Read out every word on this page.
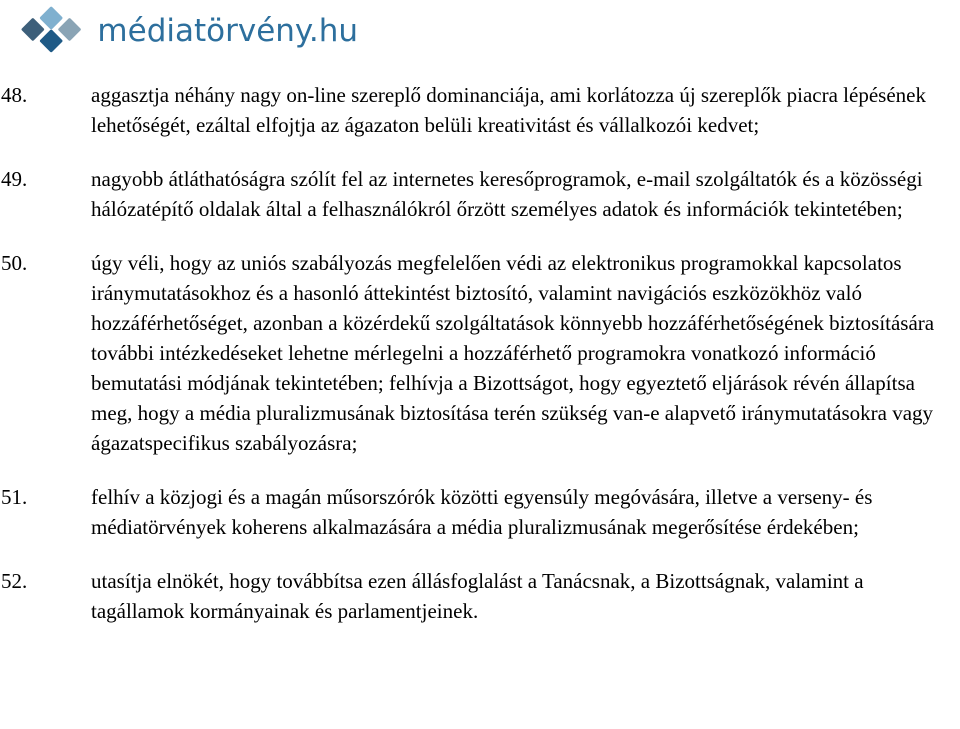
médiatörvény.hu
48.	aggasztja néhány nagy on-line szereplő dominanciája, ami korlátozza új szereplők piacra lépésének lehetőségét, ezáltal elfojtja az ágazaton belüli kreativitást és vállalkozói kedvet;
49.	nagyobb átláthatóságra szólít fel az internetes keresőprogramok, e-mail szolgáltatók és a közösségi hálózatépítő oldalak által a felhasználókról őrzött személyes adatok és információk tekintetében;
50.	úgy véli, hogy az uniós szabályozás megfelelően védi az elektronikus programokkal kapcsolatos iránymutatásokhoz és a hasonló áttekintést biztosító, valamint navigációs eszközökhöz való hozzáférhetőséget, azonban a közérdekű szolgáltatások könnyebb hozzáférhetőségének biztosítására további intézkedéseket lehetne mérlegelni a hozzáférhető programokra vonatkozó információ bemutatási módjának tekintetében; felhívja a Bizottságot, hogy egyeztető eljárások révén állapítsa meg, hogy a média pluralizmusának biztosítása terén szükség van-e alapvető iránymutatásokra vagy ágazatspecifikus szabályozásra;
51.	felhív a közjogi és a magán műsorszórók közötti egyensúly megóvására, illetve a verseny- és médiatörvények koherens alkalmazására a média pluralizmusának megerősítése érdekében;
52.	utasítja elnökét, hogy továbbítsa ezen állásfoglalást a Tanácsnak, a Bizottságnak, valamint a tagállamok kormányainak és parlamentjeinek.
